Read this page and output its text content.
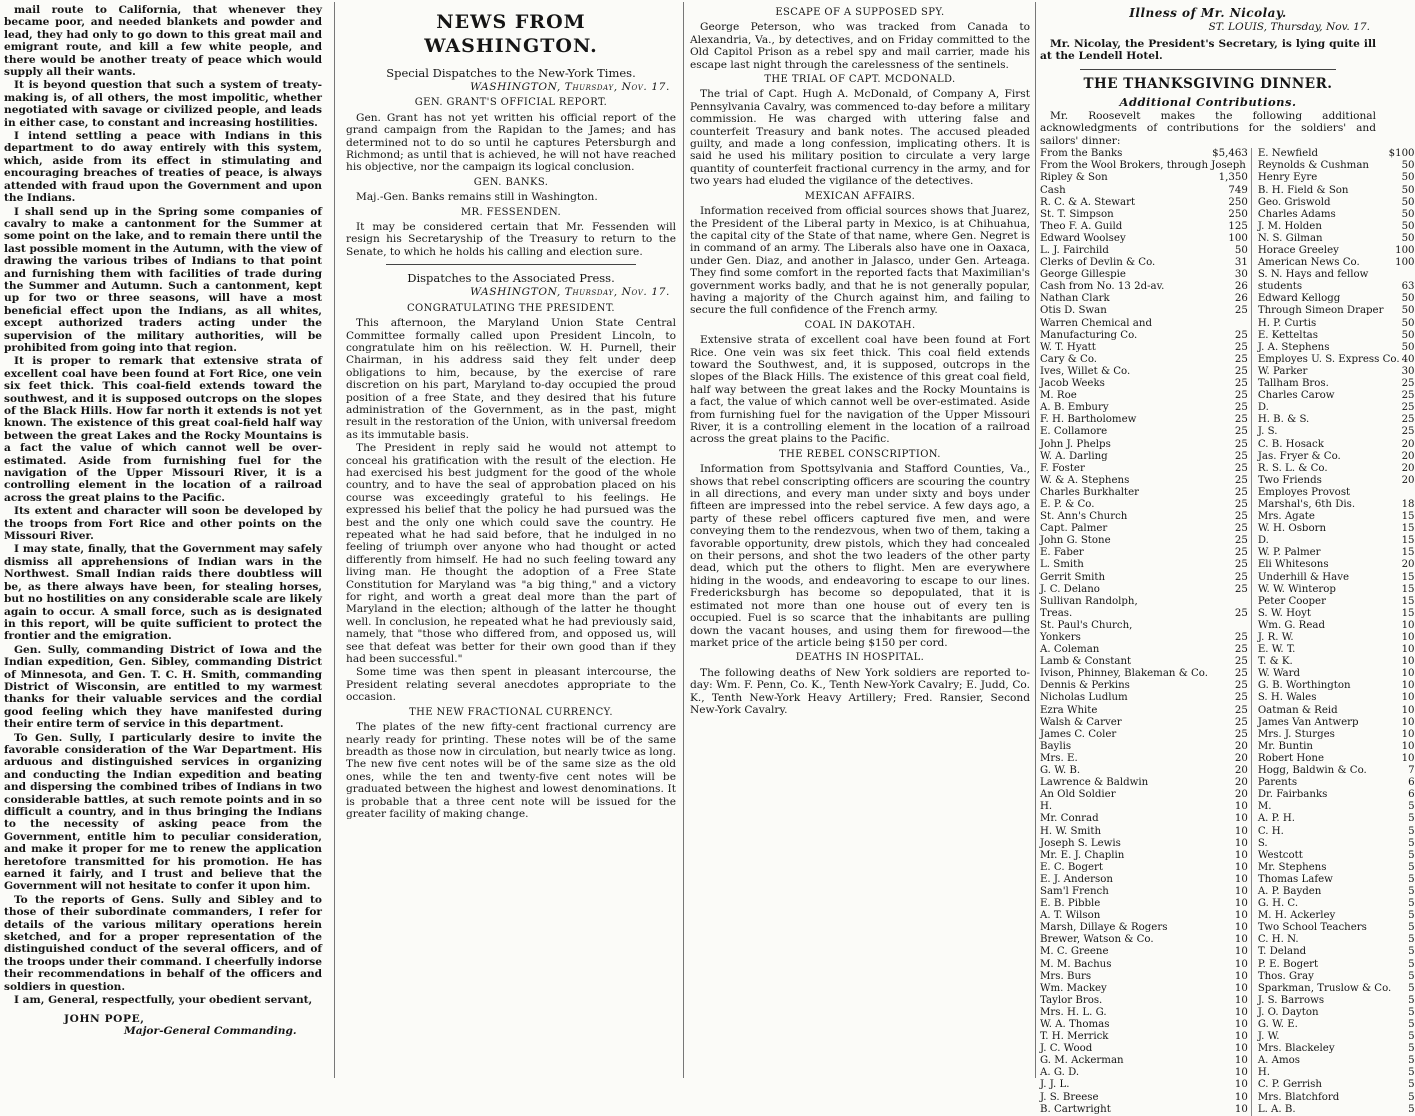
mail route to California, that whenever they became poor, and needed blankets and powder and lead, they had only to go down to this great mail and emigrant route, and kill a few white people, and there would be another treaty of peace which would supply all their wants.

It is beyond question that such a system of treaty-making is, of all others, the most impolitic, whether negotiated with savage or civilized people, and leads in either case, to constant and increasing hostilities.

I intend settling a peace with Indians in this department to do away entirely with this system, which, aside from its effect in stimulating and encouraging breaches of treaties of peace, is always attended with fraud upon the Government and upon the Indians.

I shall send up in the Spring some companies of cavalry to make a cantonment for the Summer at some point on the lake, and to remain there until the last possible moment in the Autumn, with the view of drawing the various tribes of Indians to that point and furnishing them with facilities of trade during the Summer and Autumn. Such a cantonment, kept up for two or three seasons, will have a most beneficial effect upon the Indians, as all whites, except authorized traders acting under the supervision of the military authorities, will be prohibited from going into that region.

It is proper to remark that extensive strata of excellent coal have been found at Fort Rice, one vein six feet thick. This coal-field extends toward the southwest, and it is supposed outcrops on the slopes of the Black Hills. How far north it extends is not yet known. The existence of this great coal-field half way between the great Lakes and the Rocky Mountains is a fact the value of which cannot well be over-estimated. Aside from furnishing fuel for the navigation of the Upper Missouri River, it is a controlling element in the location of a railroad across the great plains to the Pacific.

Its extent and character will soon be developed by the troops from Fort Rice and other points on the Missouri River.

I may state, finally, that the Government may safely dismiss all apprehensions of Indian wars in the Northwest. Small Indian raids there doubtless will be, as there always have been, for stealing horses, but no hostilities on any considerable scale are likely again to occur. A small force, such as is designated in this report, will be quite sufficient to protect the frontier and the emigration.

Gen. Sully, commanding District of Iowa and the Indian expedition, Gen. Sibley, commanding District of Minnesota, and Gen. T. C. H. Smith, commanding District of Wisconsin, are entitled to my warmest thanks for their valuable services and the cordial good feeling which they have manifested during their entire term of service in this department.

To Gen. Sully, I particularly desire to invite the favorable consideration of the War Department. His arduous and distinguished services in organizing and conducting the Indian expedition and beating and dispersing the combined tribes of Indians in two considerable battles, at such remote points and in so difficult a country, and in thus bringing the Indians to the necessity of asking peace from the Government, entitle him to peculiar consideration, and make it proper for me to renew the application heretofore transmitted for his promotion. He has earned it fairly, and I trust and believe that the Government will not hesitate to confer it upon him.

To the reports of Gens. Sully and Sibley and to those of their subordinate commanders, I refer for details of the various military operations herein sketched, and for a proper representation of the distinguished conduct of the several officers, and of the troops under their command. I cheerfully indorse their recommendations in behalf of the officers and soldiers in question.

I am, General, respectfully, your obedient servant,

JOHN POPE,

Major-General Commanding.

NEWS FROM WASHINGTON.
Special Dispatches to the New-York Times.
WASHINGTON, Thursday, Nov. 17.
GEN. GRANT'S OFFICIAL REPORT.

Gen. Grant has not yet written his official report of the grand campaign from the Rapidan to the James; and has determined not to do so until he captures Petersburgh and Richmond; as until that is achieved, he will not have reached his objective, nor the campaign its logical conclusion.

GEN. BANKS.

Maj.-Gen. Banks remains still in Washington.

MR. FESSENDEN.

It may be considered certain that Mr. Fessenden will resign his Secretaryship of the Treasury to return to the Senate, to which he holds his calling and election sure.

Dispatches to the Associated Press.
WASHINGTON, Thursday, Nov. 17.
CONGRATULATING THE PRESIDENT.

This afternoon, the Maryland Union State Central Committee formally called upon President Lincoln, to congratulate him on his reëlection. W. H. Purnell, their Chairman, in his address said they felt under deep obligations to him, because, by the exercise of rare discretion on his part, Maryland to-day occupied the proud position of a free State, and they desired that his future administration of the Government, as in the past, might result in the restoration of the Union, with universal freedom as its immutable basis.

The President in reply said he would not attempt to conceal his gratification with the result of the election. He had exercised his best judgment for the good of the whole country, and to have the seal of approbation placed on his course was exceedingly grateful to his feelings. He expressed his belief that the policy he had pursued was the best and the only one which could save the country. He repeated what he had said before, that he indulged in no feeling of triumph over anyone who had thought or acted differently from himself. He had no such feeling toward any living man. He thought the adoption of a Free State Constitution for Maryland was "a big thing," and a victory for right, and worth a great deal more than the part of Maryland in the election; although of the latter he thought well. In conclusion, he repeated what he had previously said, namely, that "those who differed from, and opposed us, will see that defeat was better for their own good than if they had been successful."

Some time was then spent in pleasant intercourse, the President relating several anecdotes appropriate to the occasion.

THE NEW FRACTIONAL CURRENCY.

The plates of the new fifty-cent fractional currency are nearly ready for printing. These notes will be of the same breadth as those now in circulation, but nearly twice as long. The new five cent notes will be of the same size as the old ones, while the ten and twenty-five cent notes will be graduated between the highest and lowest denominations. It is probable that a three cent note will be issued for the greater facility of making change.

ESCAPE OF A SUPPOSED SPY.

George Peterson, who was tracked from Canada to Alexandria, Va., by detectives, and on Friday committed to the Old Capitol Prison as a rebel spy and mail carrier, made his escape last night through the carelessness of the sentinels.

THE TRIAL OF CAPT. MCDONALD.

The trial of Capt. Hugh A. McDonald, of Company A, First Pennsylvania Cavalry, was commenced to-day before a military commission. He was charged with uttering false and counterfeit Treasury and bank notes. The accused pleaded guilty, and made a long confession, implicating others. It is said he used his military position to circulate a very large quantity of counterfeit fractional currency in the army, and for two years had eluded the vigilance of the detectives.

MEXICAN AFFAIRS.

Information received from official sources shows that Juarez, the President of the Liberal party in Mexico, is at Chihuahua, the capital city of the State of that name, where Gen. Negret is in command of an army. The Liberals also have one in Oaxaca, under Gen. Diaz, and another in Jalasco, under Gen. Arteaga. They find some comfort in the reported facts that Maximilian's government works badly, and that he is not generally popular, having a majority of the Church against him, and failing to secure the full confidence of the French army.

COAL IN DAKOTAH.

Extensive strata of excellent coal have been found at Fort Rice. One vein was six feet thick. This coal field extends toward the Southwest, and, it is supposed, outcrops in the slopes of the Black Hills. The existence of this great coal field, half way between the great lakes and the Rocky Mountains is a fact, the value of which cannot well be over-estimated. Aside from furnishing fuel for the navigation of the Upper Missouri River, it is a controlling element in the location of a railroad across the great plains to the Pacific.

THE REBEL CONSCRIPTION.

Information from Spottsylvania and Stafford Counties, Va., shows that rebel conscripting officers are scouring the country in all directions, and every man under sixty and boys under fifteen are impressed into the rebel service. A few days ago, a party of these rebel officers captured five men, and were conveying them to the rendezvous, when two of them, taking a favorable opportunity, drew pistols, which they had concealed on their persons, and shot the two leaders of the other party dead, which put the others to flight. Men are everywhere hiding in the woods, and endeavoring to escape to our lines. Fredericksburgh has become so depopulated, that it is estimated not more than one house out of every ten is occupied. Fuel is so scarce that the inhabitants are pulling down the vacant houses, and using them for firewood—the market price of the article being $150 per cord.

DEATHS IN HOSPITAL.

The following deaths of New York soldiers are reported to-day: Wm. F. Penn, Co. K., Tenth New-York Cavalry; E. Judd, Co. K., Tenth New-York Heavy Artillery; Fred. Ransier, Second New-York Cavalry.

Illness of Mr. Nicolay.
ST. LOUIS, Thursday, Nov. 17.

Mr. Nicolay, the President's Secretary, is lying quite ill at the Lendell Hotel.

THE THANKSGIVING DINNER.
Additional Contributions.

Mr. Roosevelt makes the following additional acknowledgments of contributions for the soldiers' and sailors' dinner:

From the Banks	$5,463
From the Wool Brokers, through Joseph
Ripley & Son	1,350
Cash	749
R. C. & A. Stewart	250
St. T. Simpson	250
Theo F. A. Guild	125
Edward Woolsey	100
L. J. Fairchild	50
Clerks of Devlin & Co.	31
George Gillespie	30
Cash from No. 13 2d-av.	26
Nathan Clark	26
Otis D. Swan	25
Warren Chemical and
Manufacturing Co.	25
W. T. Hyatt	25
Cary & Co.	25
Ives, Willet & Co.	25
Jacob Weeks	25
M. Roe	25
A. B. Embury	25
F. H. Bartholomew	25
E. Collamore	25
John J. Phelps	25
W. A. Darling	25
F. Foster	25
W. & A. Stephens	25
Charles Burkhalter	25
E. P. & Co.	25
St. Ann's Church	25
Capt. Palmer	25
John G. Stone	25
E. Faber	25
L. Smith	25
Gerrit Smith	25
J. C. Delano	25
Sullivan Randolph,
Treas.	25
St. Paul's Church,
Yonkers	25
A. Coleman	25
Lamb & Constant	25
Ivison, Phinney, Blakeman & Co.	25
Dennis & Perkins	25
Nicholas Ludlum	25
Ezra White	25
Walsh & Carver	25
James C. Coler	25
Baylis	20
Mrs. E.	20
G. W. B.	20
Lawrence & Baldwin	20
An Old Soldier	20
H.	10
Mr. Conrad	10
H. W. Smith	10
Joseph S. Lewis	10
Mr. E. J. Chaplin	10
E. C. Bogert	10
E. J. Anderson	10
Sam'l French	10
E. B. Pibble	10
A. T. Wilson	10
Marsh, Dillaye & Rogers	10
Brewer, Watson & Co.	10
M. C. Greene	10
M. M. Bachus	10
Mrs. Burs	10
Wm. Mackey	10
Taylor Bros.	10
Mrs. H. L. G.	10
W. A. Thomas	10
T. H. Merrick	10
J. C. Wood	10
G. M. Ackerman	10
A. G. D.	10
J. J. L.	10
J. S. Breese	10
B. Cartwright	10
E. Newfield	$100
Reynolds & Cushman	50
Henry Eyre	50
B. H. Field & Son	50
Geo. Griswold	50
Charles Adams	50
J. M. Holden	50
N. S. Gilman	50
Horace Greeley	100
American News Co.	100
S. N. Hays and fellow
students	63
Edward Kellogg	50
Through Simeon Draper 50
H. P. Curtis	50
E. Ketteltas	50
J. A. Stephens	50
Employes U. S. Express Co. 40
W. Parker	30
Tallham Bros.	25
Charles Carow	25
D.	25
H. B. & S.	25
J. S.	25
C. B. Hosack	20
Jas. Fryer & Co.	20
R. S. L. & Co.	20
Two Friends	20
Employes Provost
Marshal's, 6th Dis.	18
Mrs. Agate	15
W. H. Osborn	15
D.	15
W. P. Palmer	15
Eli Whitesons	20
Underhill & Have	15
W. W. Winterop	15
Peter Cooper	15
S. W. Hoyt	15
Wm. G. Read	10
J. R. W.	10
E. W. T.	10
T. & K.	10
W. Ward	10
G. B. Worthington	10
S. H. Wales	10
Oatman & Reid	10
James Van Antwerp	10
Mrs. J. Sturges	10
Mr. Buntin	10
Robert Hone	10
Hogg, Baldwin & Co.	7
Parents	6
Dr. Fairbanks	6
M.	5
A. P. H.	5
C. H.	5
S.	5
Westcott	5
Mr. Stephens	5
Thomas Lafew	5
A. P. Bayden	5
G. H. C.	5
M. H. Ackerley	5
Two School Teachers	5
C. H. N.	5
T. Deland	5
P. E. Bogert	5
Thos. Gray	5
Sparkman, Truslow & Co. 5
J. S. Barrows	5
J. O. Dayton	5
G. W. E.	5
J. W.	5
Mrs. Blackeley	5
A. Amos	5
H.	5
C. P. Gerrish	5
Mrs. Blatchford	5
L. A. B.	5
